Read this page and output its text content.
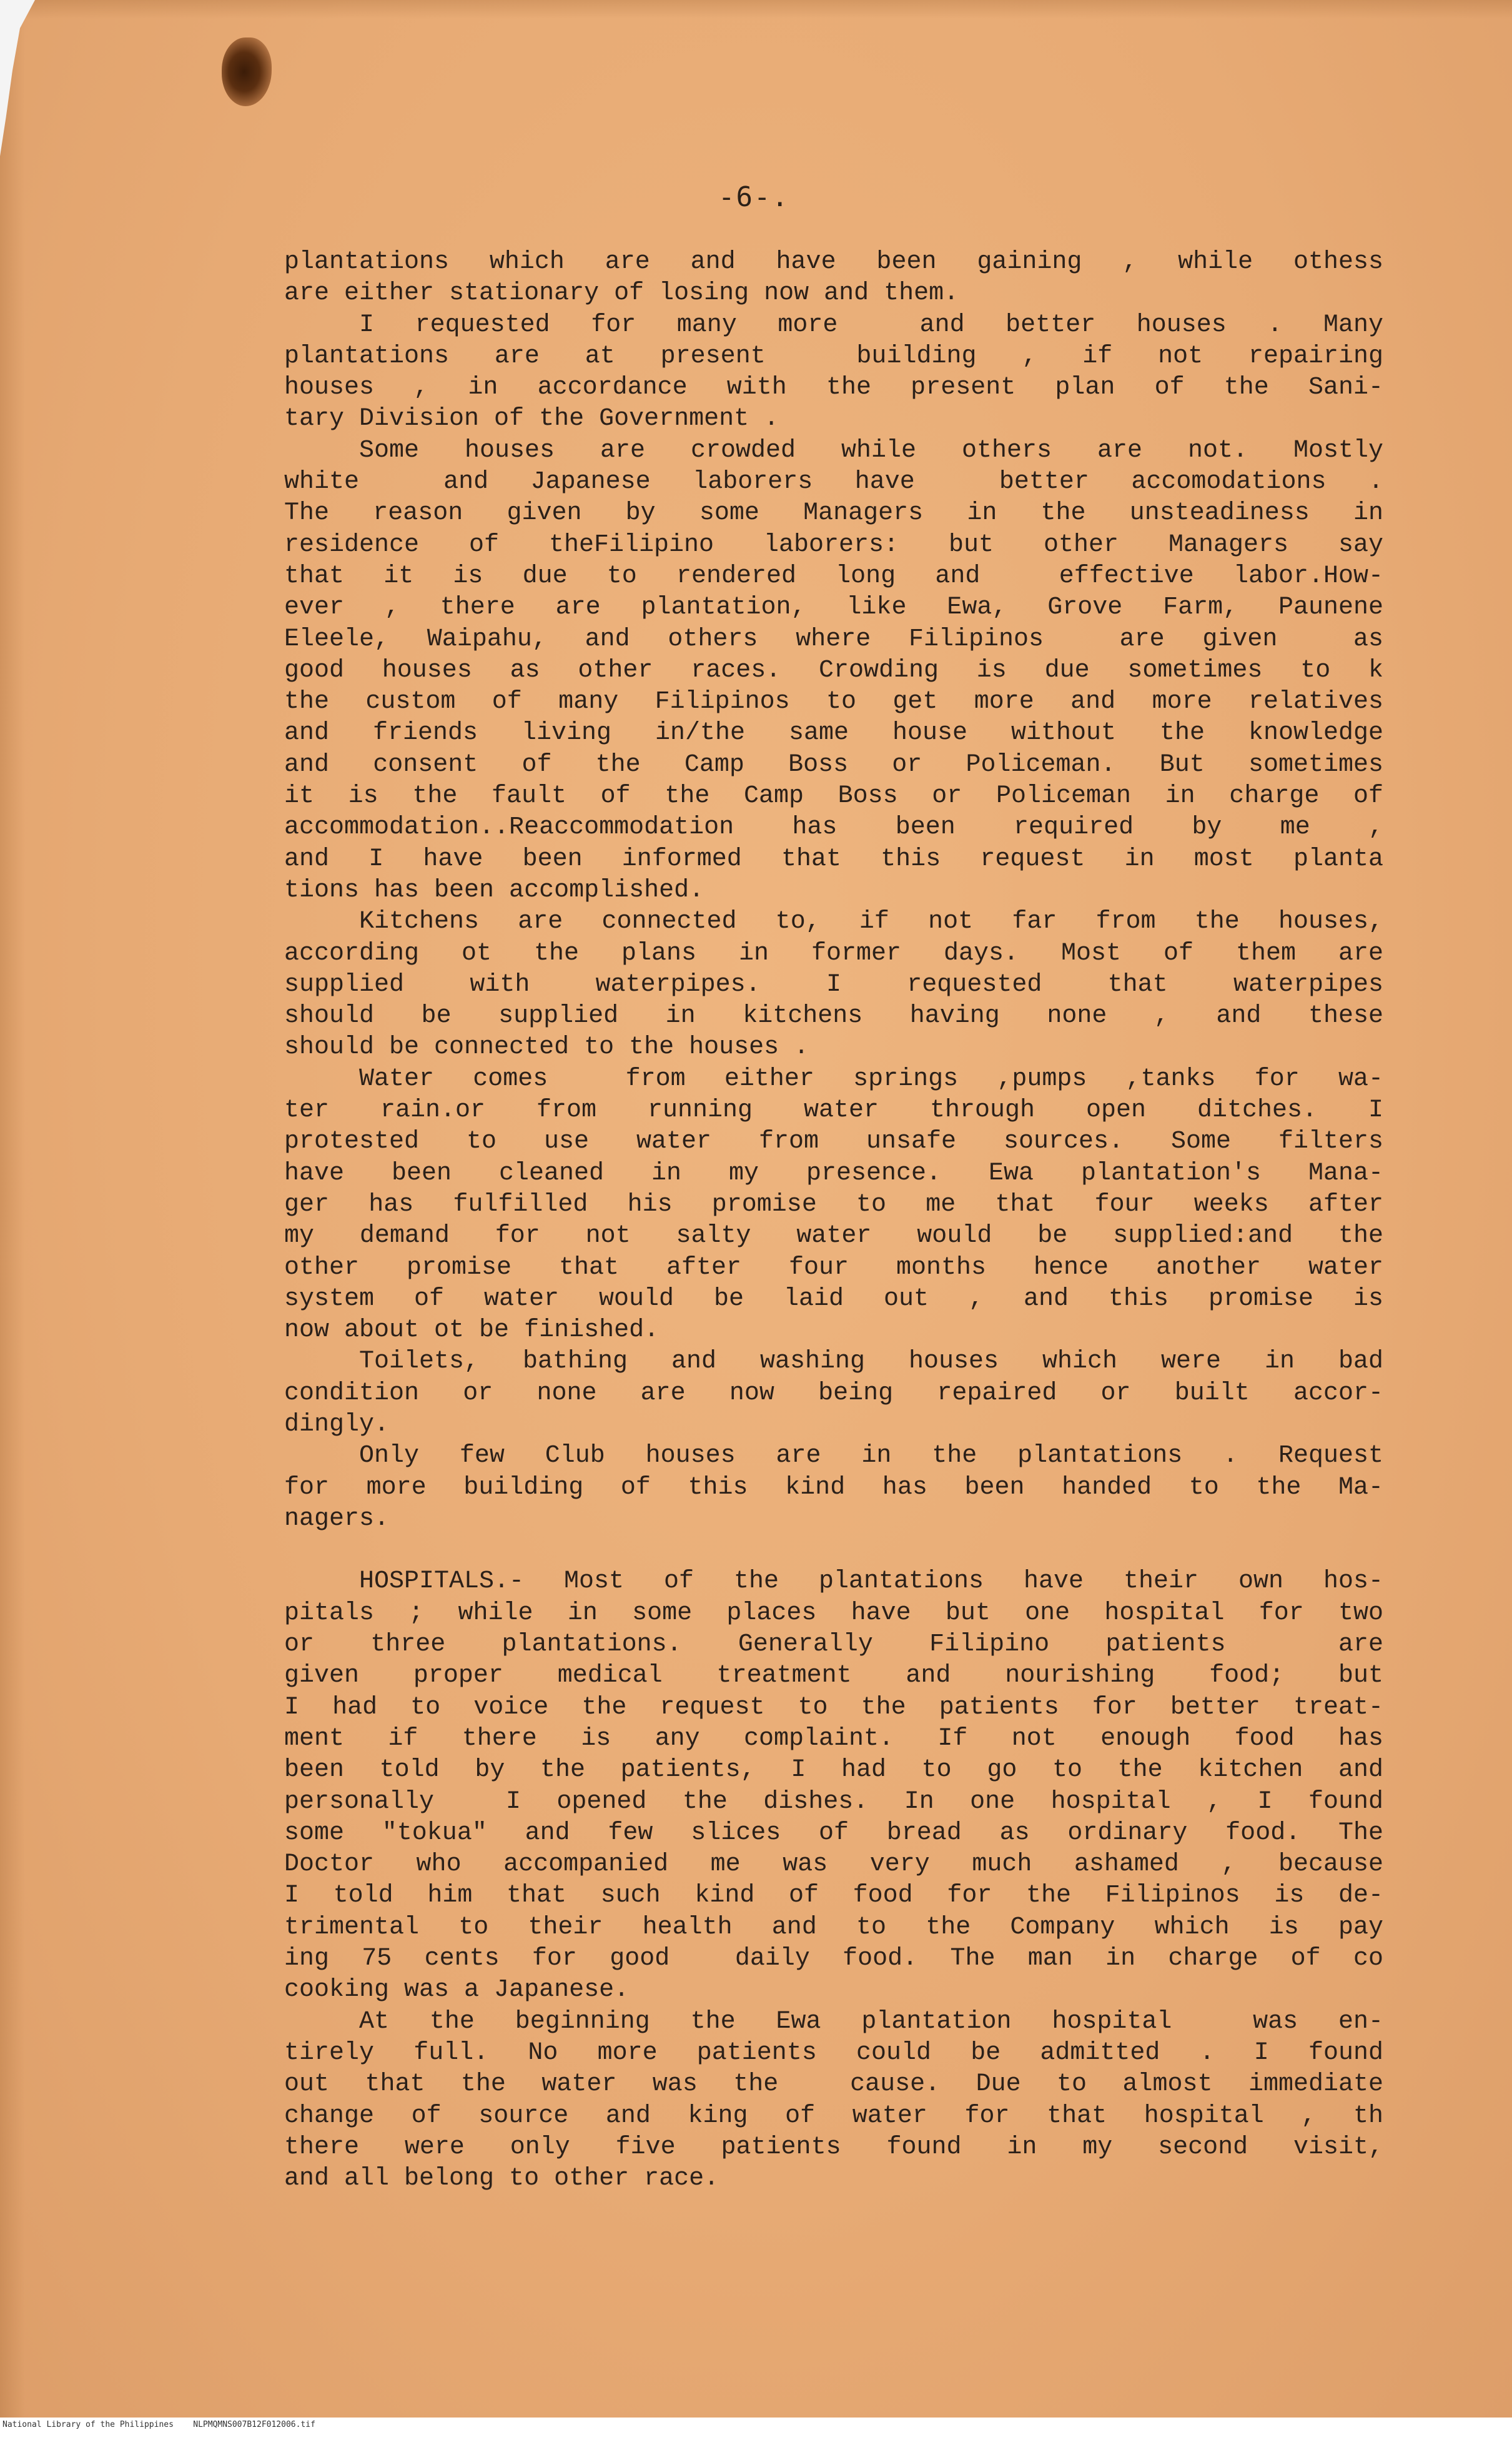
-6-.
plantations which are and have been gaining , while othess
are either stationary of losing now and them.
I requested for many more  and better houses . Many
plantations are at present  building , if not repairing
houses , in accordance with the present plan of the Sani-
tary Division of the Government .
Some houses are crowded while others are not. Mostly
white  and Japanese laborers have  better accomodations .
The reason given by some Managers in the unsteadiness in
residence of theFilipino laborers: but other Managers say
that it is due to rendered long and  effective labor.How-
ever , there are plantation, like Ewa, Grove Farm, Paunene
Eleele, Waipahu, and others where Filipinos  are given  as
good houses as other races. Crowding is due sometimes to k
the custom of many Filipinos to get more and more relatives
and friends living in/the same house without the knowledge
and consent of the Camp Boss or Policeman. But sometimes
it is the fault of the Camp Boss or Policeman in charge of
accommodation..Reaccommodation has been required by me ,
and I have been informed that this request in most planta
tions has been accomplished.
Kitchens are connected to, if not far from the houses,
according ot the plans in former days. Most of them are
supplied with waterpipes. I requested that waterpipes
should be supplied in kitchens having none , and these
should be connected to the houses .
Water comes  from either springs ,pumps ,tanks for wa-
ter rain.or from running water through open ditches. I
protested to use water from unsafe sources. Some filters
have been cleaned in my presence. Ewa plantation's Mana-
ger has fulfilled his promise to me that four weeks after
my demand for not salty water would be supplied:and the
other promise that after four months hence another water
system of water would be laid out , and this promise is
now about ot be finished.
Toilets, bathing and washing houses which were in bad
condition or none are now being repaired or built accor-
dingly.
Only few Club houses are in the plantations . Request
for more building of this kind has been handed to the Ma-
nagers.
HOSPITALS.- Most of the plantations have their own hos-
pitals ; while in some places have but one hospital for two
or three plantations. Generally Filipino patients  are
given proper medical treatment and nourishing food; but
I had to voice the request to the patients for better treat-
ment if there is any complaint. If not enough food has
been told by the patients, I had to go to the kitchen and
personally  I opened the dishes. In one hospital , I found
some "tokua" and few slices of bread as ordinary food. The
Doctor who accompanied me was very much ashamed , because
I told him that such kind of food for the Filipinos is de-
trimental to their health and to the Company which is pay
ing 75 cents for good  daily food. The man in charge of co
cooking was a Japanese.
At the beginning the Ewa plantation hospital  was en-
tirely full. No more patients could be admitted . I found
out that the water was the  cause. Due to almost immediate
change of source and king of water for that hospital , th
there were only five patients found in my second visit,
and all belong to other race.
National Library of the Philippines    NLPMQMNS007B12F012006.tif
